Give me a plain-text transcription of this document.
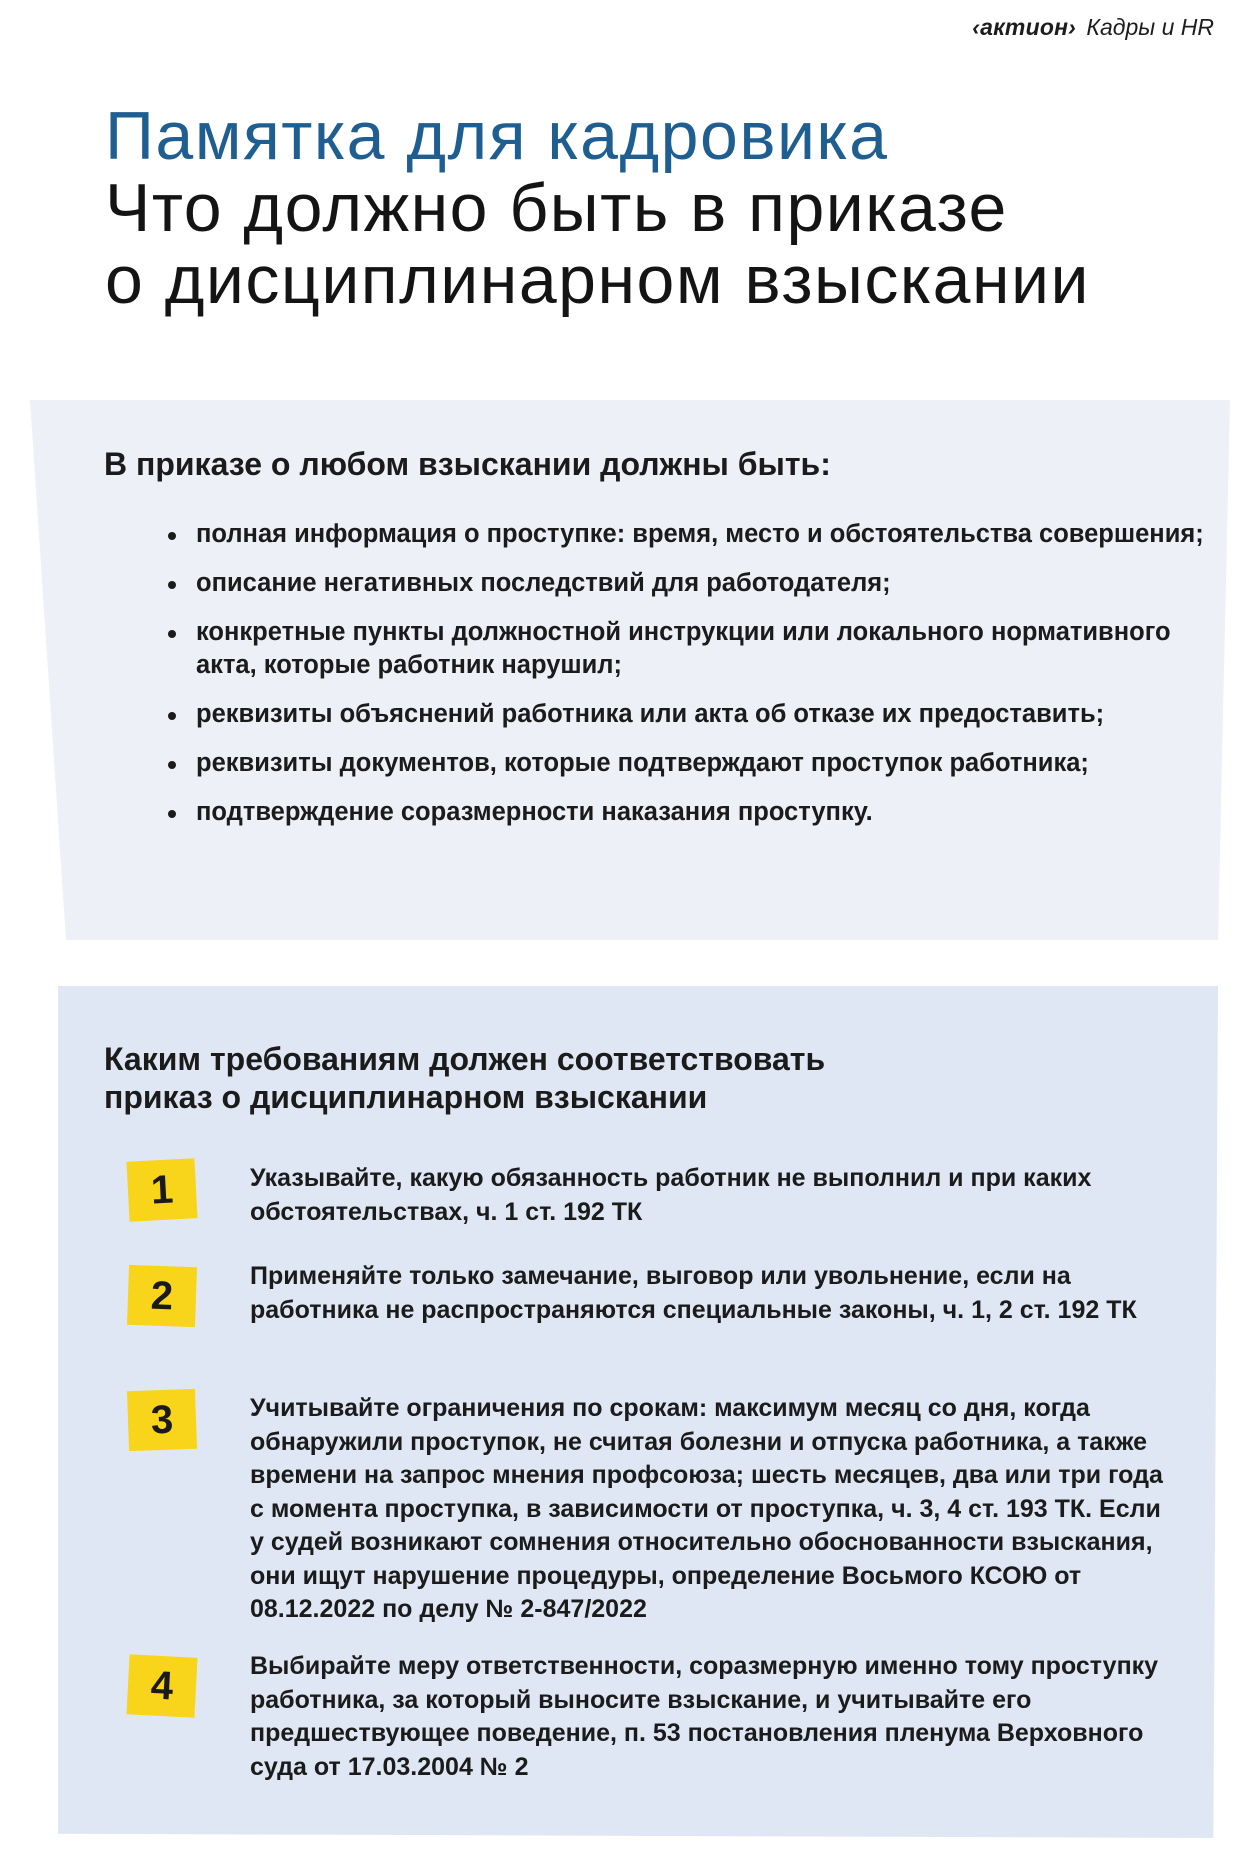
‹актион› Кадры и HR
Памятка для кадровика
Что должно быть в приказе
о дисциплинарном взыскании
В приказе о любом взыскании должны быть:
полная информация о проступке: время, место и обстоятельства совершения;
описание негативных последствий для работодателя;
конкретные пункты должностной инструкции или локального нормативного акта, которые работник нарушил;
реквизиты объяснений работника или акта об отказе их предоставить;
реквизиты документов, которые подтверждают проступок работника;
подтверждение соразмерности наказания проступку.
Каким требованиям должен соответствовать
приказ о дисциплинарном взыскании
1	Указывайте, какую обязанность работник не выполнил и при каких обстоятельствах, ч. 1 ст. 192 ТК
2	Применяйте только замечание, выговор или увольнение, если на работника не распространяются специальные законы, ч. 1, 2 ст. 192 ТК
3	Учитывайте ограничения по срокам: максимум месяц со дня, когда обнаружили проступок, не считая болезни и отпуска работника, а также времени на запрос мнения профсоюза; шесть месяцев, два или три года с момента проступка, в зависимости от проступка, ч. 3, 4 ст. 193 ТК. Если у судей возникают сомнения относительно обоснованности взыскания, они ищут нарушение процедуры, определение Восьмого КСОЮ от 08.12.2022 по делу № 2-847/2022
4	Выбирайте меру ответственности, соразмерную именно тому проступку работника, за который выносите взыскание, и учитывайте его предшествующее поведение, п. 53 постановления пленума Верховного суда от 17.03.2004 № 2
